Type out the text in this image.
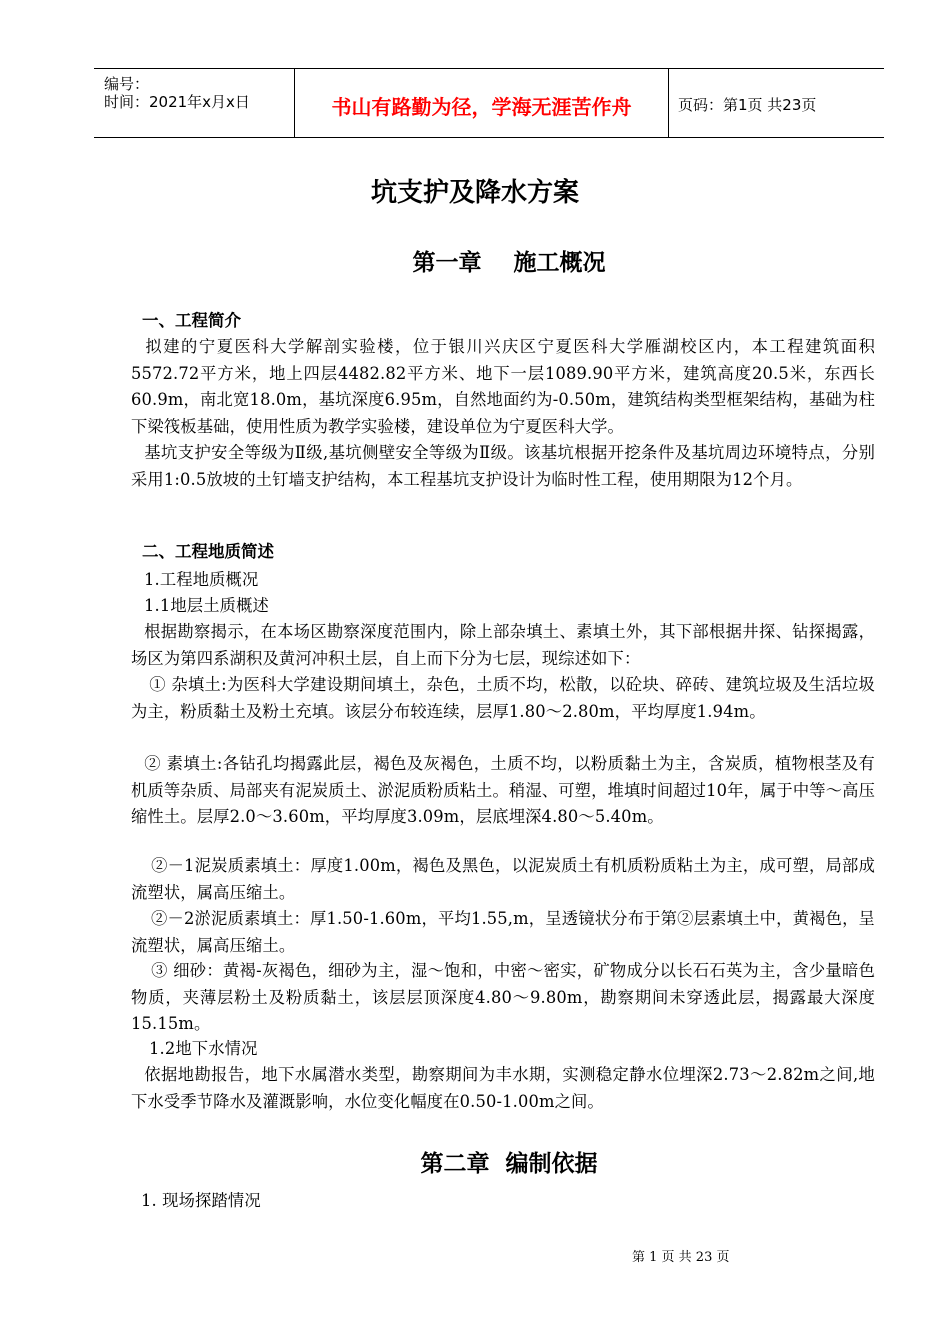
编号：
时间：2021年x月x日	书山有路勤为径，学海无涯苦作舟	页码：第1页 共23页
坑支护及降水方案
第一章    施工概况
一、工程简介
拟建的宁夏医科大学解剖实验楼，位于银川兴庆区宁夏医科大学雁湖校区内，本工程建筑面积5572.72平方米，地上四层4482.82平方米、地下一层1089.90平方米，建筑高度20.5米，东西长60.9m，南北宽18.0m，基坑深度6.95m，自然地面约为-0.50m，建筑结构类型框架结构，基础为柱下梁筏板基础，使用性质为教学实验楼，建设单位为宁夏医科大学。
基坑支护安全等级为Ⅱ级,基坑侧壁安全等级为Ⅱ级。该基坑根据开挖条件及基坑周边环境特点，分别采用1:0.5放坡的土钉墙支护结构，本工程基坑支护设计为临时性工程，使用期限为12个月。
二、工程地质简述
1.工程地质概况
1.1地层土质概述
根据勘察揭示，在本场区勘察深度范围内，除上部杂填土、素填土外，其下部根据井探、钻探揭露，场区为第四系湖积及黄河冲积土层，自上而下分为七层，现综述如下：
① 杂填土:为医科大学建设期间填土，杂色，土质不均，松散，以砼块、碎砖、建筑垃圾及生活垃圾为主，粉质黏土及粉土充填。该层分布较连续，层厚1.80～2.80m，平均厚度1.94m。
② 素填土:各钻孔均揭露此层，褐色及灰褐色，土质不均，以粉质黏土为主，含炭质，植物根茎及有机质等杂质、局部夹有泥炭质土、淤泥质粉质粘土。稍湿、可塑，堆填时间超过10年，属于中等～高压缩性土。层厚2.0～3.60m，平均厚度3.09m，层底埋深4.80～5.40m。
②－1泥炭质素填土：厚度1.00m，褐色及黑色，以泥炭质土有机质粉质粘土为主，成可塑，局部成流塑状，属高压缩土。
②－2淤泥质素填土：厚1.50-1.60m，平均1.55,m，呈透镜状分布于第②层素填土中，黄褐色，呈流塑状，属高压缩土。
③ 细砂：黄褐-灰褐色，细砂为主，湿～饱和，中密～密实，矿物成分以长石石英为主，含少量暗色物质，夹薄层粉土及粉质黏土，该层层顶深度4.80～9.80m，勘察期间未穿透此层，揭露最大深度15.15m。
1.2地下水情况
依据地勘报告，地下水属潜水类型，勘察期间为丰水期，实测稳定静水位埋深2.73～2.82m之间,地下水受季节降水及灌溉影响，水位变化幅度在0.50-1.00m之间。
第二章  编制依据
1. 现场探踏情况
第 1 页 共 23 页
